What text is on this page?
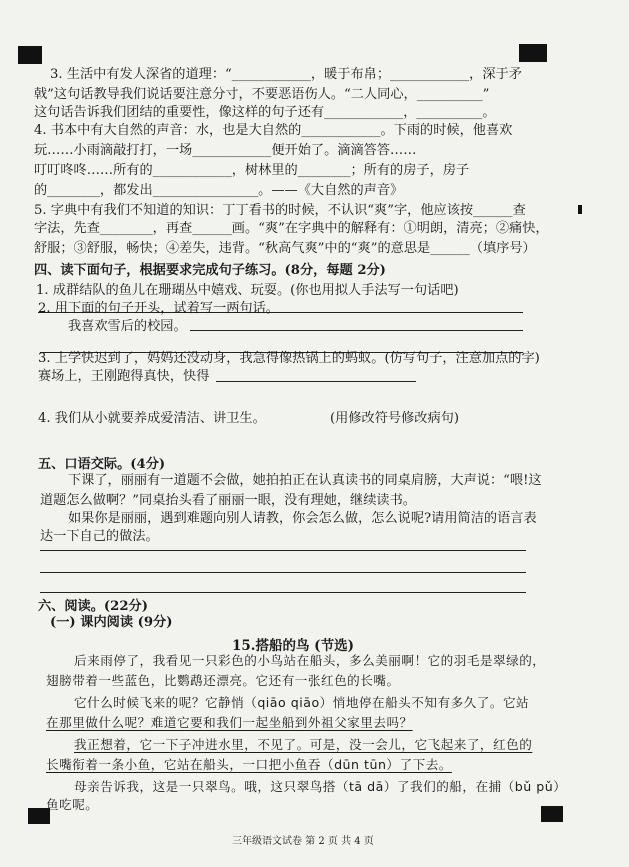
3. 生活中有发人深省的道理：“____________，暖于布帛；____________，深于矛
戟”这句话教导我们说话要注意分寸，不要恶语伤人。“二人同心，__________”
这句话告诉我们团结的重要性，像这样的句子还有____________，__________。
4. 书本中有大自然的声音：水，也是大自然的____________。下雨的时候，他喜欢
玩……小雨滴敲打打，一场____________便开始了。滴滴答答……
叮叮咚咚……所有的____________，树林里的________；所有的房子，房子
的________，都发出________________。——《大自然的声音》
5. 字典中有我们不知道的知识：丁丁看书的时候，不认识“爽”字，他应该按______查
字法，先查________，再查______画。“爽”在字典中的解释有：①明朗，清亮；②痛快，
舒服；③舒服，畅快；④差失，违背。“秋高气爽”中的“爽”的意思是______（填序号）
四、读下面句子，根据要求完成句子练习。(8分，每题 2分)
1. 成群结队的鱼儿在珊瑚丛中嬉戏、玩耍。(你也用拟人手法写一句话吧)
2. 用下面的句子开头，试着写一两句话。
我喜欢雪后的校园。
3. 上学快迟到了，妈妈还没动身，我急得像热锅上的蚂蚁。(仿写句子，注意加点的字)
赛场上，王刚跑得真快，快得
4. 我们从小就要养成爱清洁、讲卫生。	(用修改符号修改病句)
五、口语交际。(4分)
下课了，丽丽有一道题不会做，她拍拍正在认真读书的同桌肩膀，大声说：“喂!这
道题怎么做啊？”同桌抬头看了丽丽一眼，没有理她，继续读书。
如果你是丽丽，遇到难题向别人请教，你会怎么做，怎么说呢?请用简洁的语言表
达一下自己的做法。
六、阅读。(22分)
(一) 课内阅读 (9分)
15.搭船的鸟 (节选)
后来雨停了，我看见一只彩色的小鸟站在船头，多么美丽啊！它的羽毛是翠绿的，
翅膀带着一些蓝色，比鹦鹉还漂亮。它还有一张红色的长嘴。
它什么时候飞来的呢？它静悄（qiāo qiāo）悄地停在船头不知有多久了。它站
在那里做什么呢？难道它要和我们一起坐船到外祖父家里去吗？
我正想着，它一下子冲进水里，不见了。可是，没一会儿，它飞起来了，红色的
长嘴衔着一条小鱼，它站在船头，一口把小鱼吞（dūn tūn）了下去。
母亲告诉我，这是一只翠鸟。哦，这只翠鸟搭（tā dā）了我们的船，在捕（bǔ pǔ）
鱼吃呢。
三年级语文试卷 第 2 页 共 4 页
